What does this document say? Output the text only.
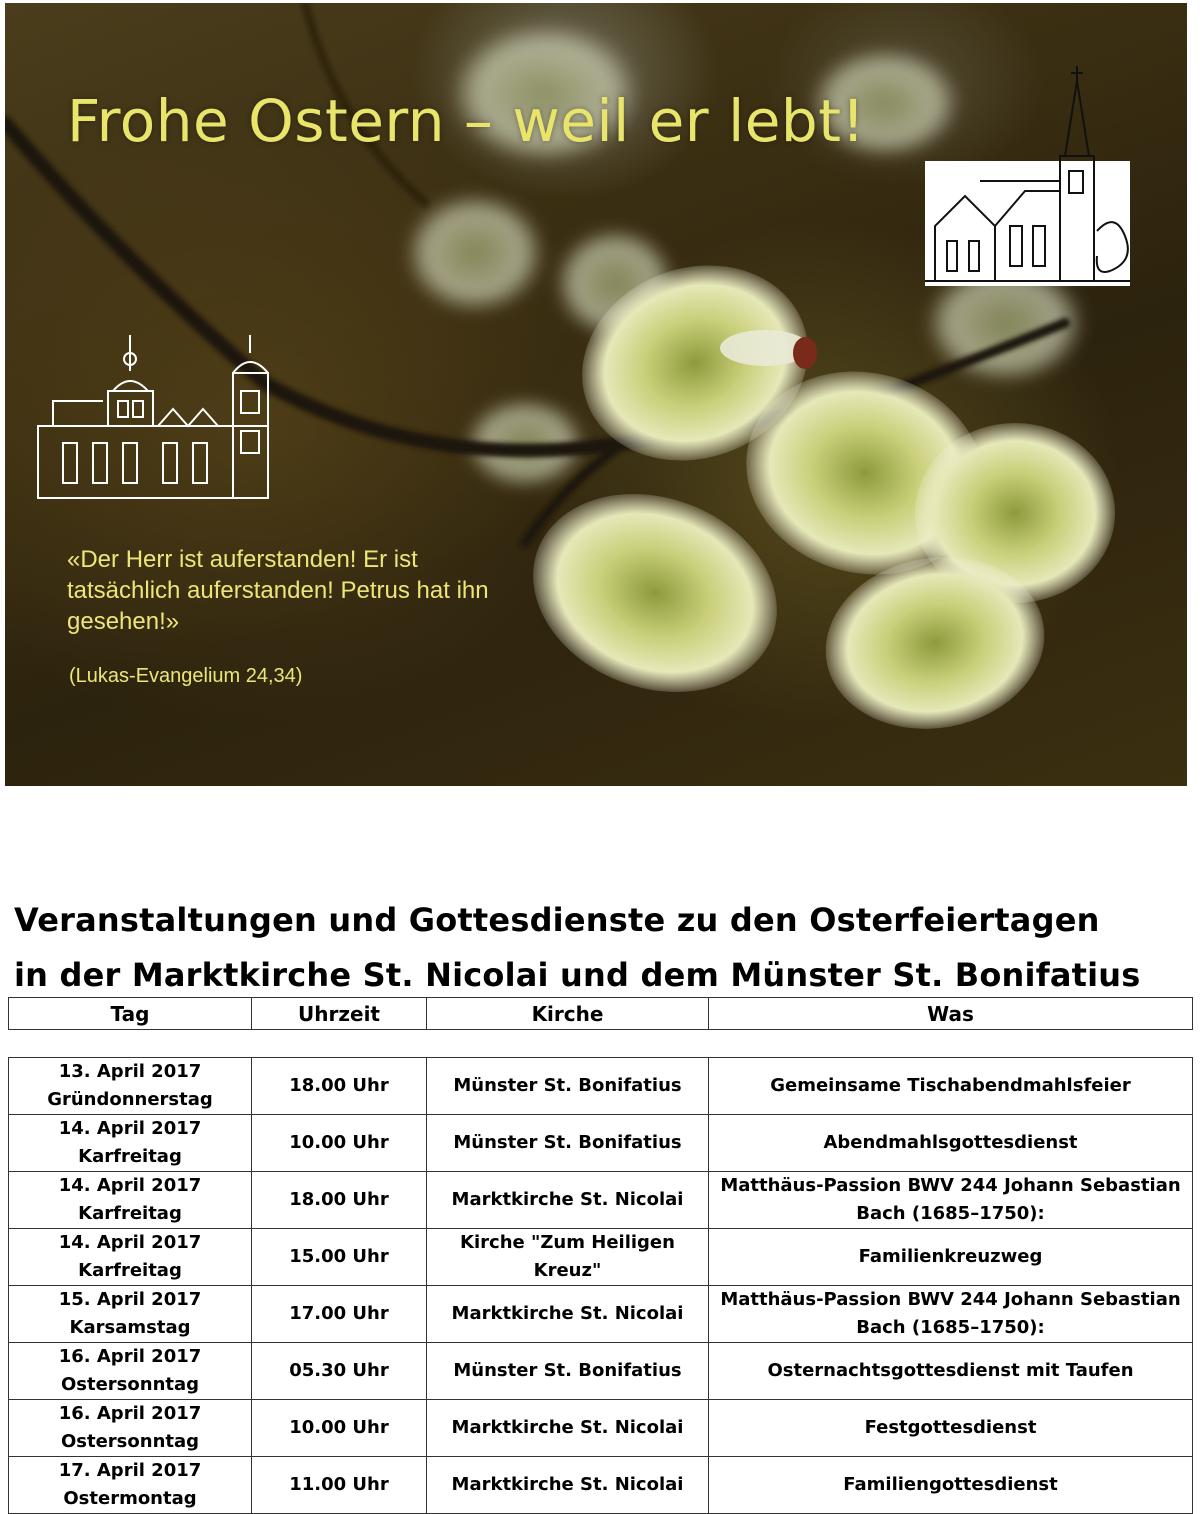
Frohe Ostern – weil er lebt!

«Der Herr ist auferstanden! Er ist tatsächlich auferstanden! Petrus hat ihn gesehen!»

(Lukas-Evangelium 24,34)

Veranstaltungen und Gottesdienste zu den Osterfeiertagen
in der Marktkirche St. Nicolai und dem Münster St. Bonifatius
Tag	Uhrzeit	Kirche	Was
13. April 2017 Gründonnerstag	18.00 Uhr	Münster St. Bonifatius	Gemeinsame Tischabendmahlsfeier
14. April 2017 Karfreitag	10.00 Uhr	Münster St. Bonifatius	Abendmahlsgottesdienst
14. April 2017 Karfreitag	18.00 Uhr	Marktkirche St. Nicolai	Matthäus-Passion BWV 244 Johann Sebastian Bach (1685–1750):
14. April 2017 Karfreitag	15.00 Uhr	Kirche "Zum Heiligen Kreuz"	Familienkreuzweg
15. April 2017 Karsamstag	17.00 Uhr	Marktkirche St. Nicolai	Matthäus-Passion BWV 244 Johann Sebastian Bach (1685–1750):
16. April 2017 Ostersonntag	05.30 Uhr	Münster St. Bonifatius	Osternachtsgottesdienst mit Taufen
16. April 2017 Ostersonntag	10.00 Uhr	Marktkirche St. Nicolai	Festgottesdienst
17. April 2017 Ostermontag	11.00 Uhr	Marktkirche St. Nicolai	Familiengottesdienst
